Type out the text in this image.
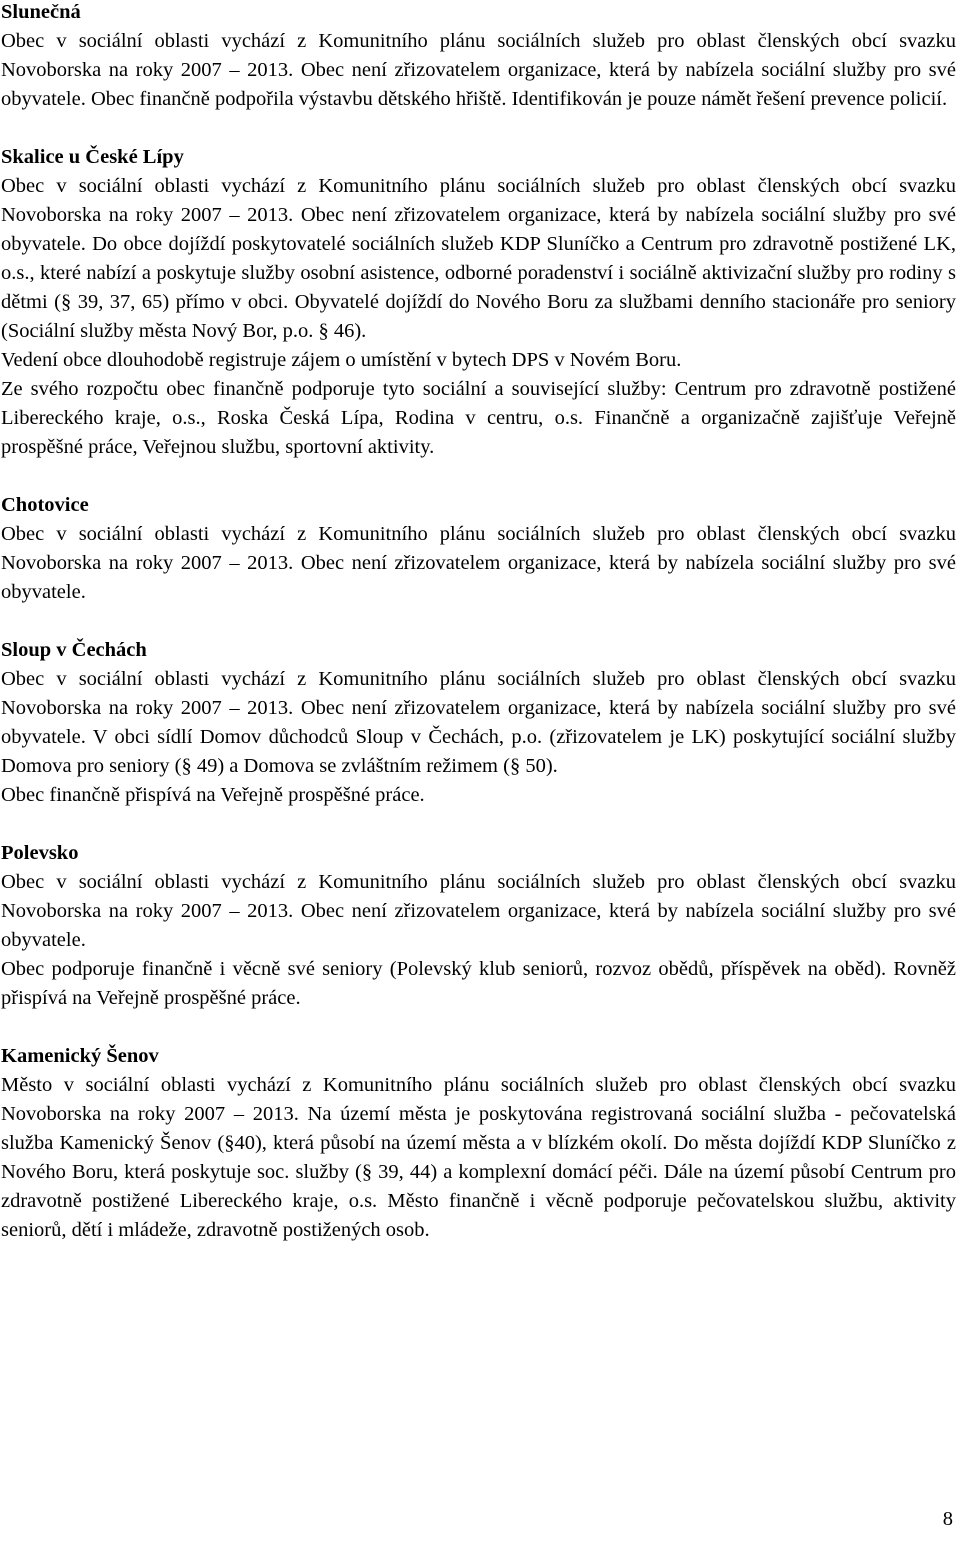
Slunečná
Obec v sociální oblasti vychází z Komunitního plánu sociálních služeb pro oblast členských obcí svazku Novoborska na roky 2007 – 2013. Obec není zřizovatelem organizace, která by nabízela sociální služby pro své obyvatele. Obec finančně podpořila výstavbu dětského hřiště. Identifikován je pouze námět řešení prevence policií.
Skalice u České Lípy
Obec v sociální oblasti vychází z Komunitního plánu sociálních služeb pro oblast členských obcí svazku Novoborska na roky 2007 – 2013. Obec není zřizovatelem organizace, která by nabízela sociální služby pro své obyvatele. Do obce dojíždí poskytovatelé sociálních služeb KDP Sluníčko a Centrum pro zdravotně postižené LK, o.s., které nabízí a poskytuje služby osobní asistence, odborné poradenství i sociálně aktivizační služby pro rodiny s dětmi (§ 39, 37, 65) přímo v obci. Obyvatelé dojíždí do Nového Boru za službami denního stacionáře pro seniory (Sociální služby města Nový Bor, p.o. § 46).
Vedení obce dlouhodobě registruje zájem o umístění v bytech DPS v Novém Boru.
Ze svého rozpočtu obec finančně podporuje tyto sociální a související služby: Centrum pro zdravotně postižené Libereckého kraje, o.s., Roska Česká Lípa, Rodina v centru, o.s. Finančně a organizačně zajišťuje Veřejně prospěšné práce, Veřejnou službu, sportovní aktivity.
Chotovice
Obec v sociální oblasti vychází z Komunitního plánu sociálních služeb pro oblast členských obcí svazku Novoborska na roky 2007 – 2013. Obec není zřizovatelem organizace, která by nabízela sociální služby pro své obyvatele.
Sloup v Čechách
Obec v sociální oblasti vychází z Komunitního plánu sociálních služeb pro oblast členských obcí svazku Novoborska na roky 2007 – 2013. Obec není zřizovatelem organizace, která by nabízela sociální služby pro své obyvatele. V obci sídlí Domov důchodců Sloup v Čechách, p.o. (zřizovatelem je LK) poskytující sociální služby Domova pro seniory (§ 49) a Domova se zvláštním režimem (§ 50).
Obec finančně přispívá na Veřejně prospěšné práce.
Polevsko
Obec v sociální oblasti vychází z Komunitního plánu sociálních služeb pro oblast členských obcí svazku Novoborska na roky 2007 – 2013. Obec není zřizovatelem organizace, která by nabízela sociální služby pro své obyvatele.
Obec podporuje finančně i věcně své seniory (Polevský klub seniorů, rozvoz obědů, příspěvek na oběd). Rovněž přispívá na Veřejně prospěšné práce.
Kamenický Šenov
Město v sociální oblasti vychází z Komunitního plánu sociálních služeb pro oblast členských obcí svazku Novoborska na roky 2007 – 2013. Na území města je poskytována registrovaná sociální služba - pečovatelská služba Kamenický Šenov (§40), která působí na území města a v blízkém okolí. Do města dojíždí KDP Sluníčko z Nového Boru, která poskytuje soc. služby (§ 39, 44) a komplexní domácí péči. Dále na území působí Centrum pro zdravotně postižené Libereckého kraje, o.s. Město finančně i věcně podporuje pečovatelskou službu, aktivity seniorů, dětí i mládeže, zdravotně postižených osob.
8
